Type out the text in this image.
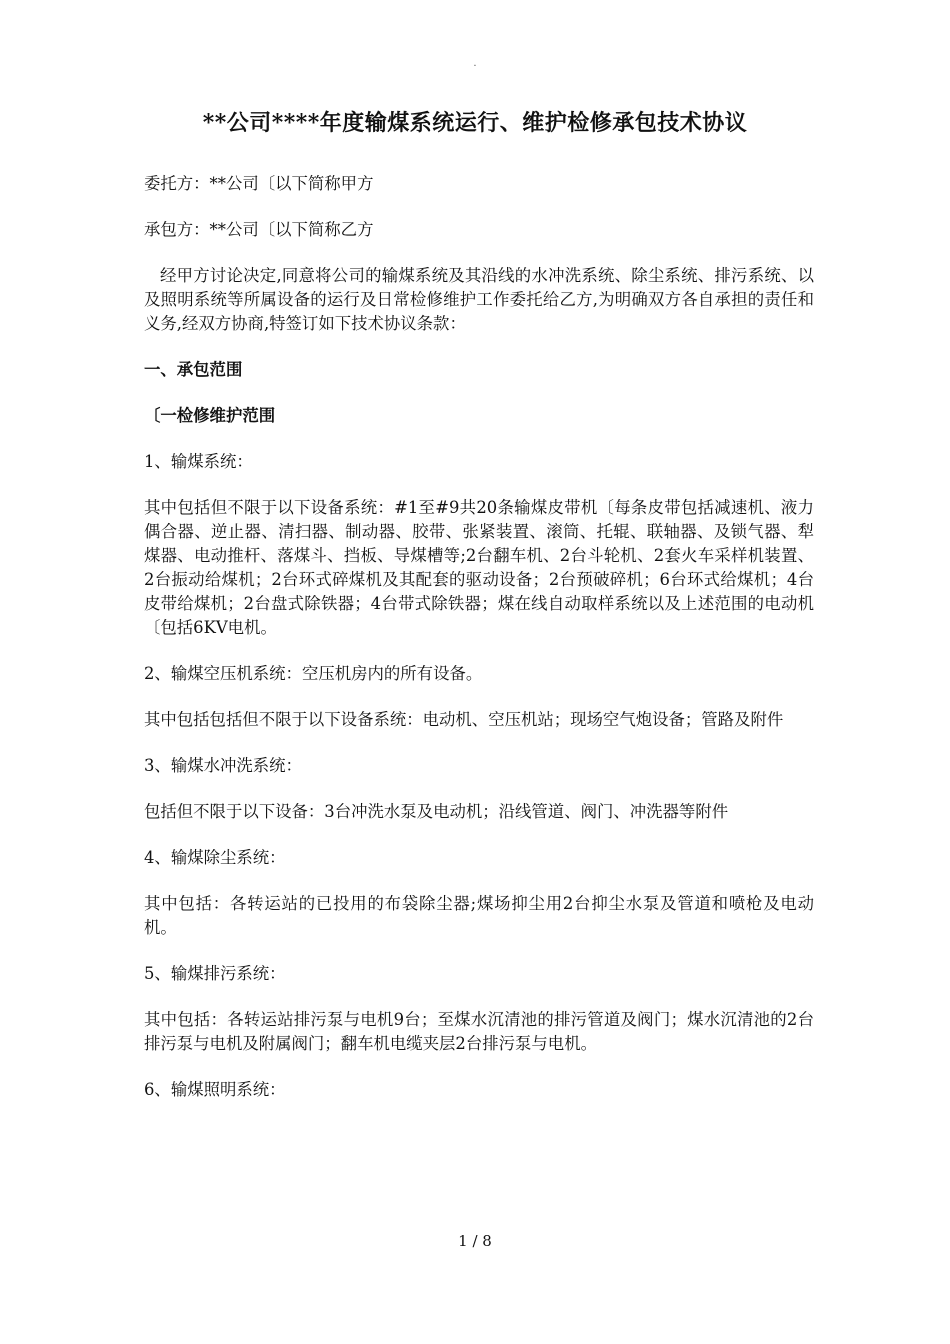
.
**公司****年度输煤系统运行、维护检修承包技术协议

委托方：**公司〔以下简称甲方

承包方：**公司〔以下简称乙方

经甲方讨论决定,同意将公司的输煤系统及其沿线的水冲洗系统、除尘系统、排污系统、以及照明系统等所属设备的运行及日常检修维护工作委托给乙方,为明确双方各自承担的责任和义务,经双方协商,特签订如下技术协议条款：

一、承包范围

〔一检修维护范围

1、输煤系统：

其中包括但不限于以下设备系统：#1至#9共20条输煤皮带机〔每条皮带包括减速机、液力偶合器、逆止器、清扫器、制动器、胶带、张紧装置、滚筒、托辊、联轴器、及锁气器、犁煤器、电动推杆、落煤斗、挡板、导煤槽等;2台翻车机、2台斗轮机、2套火车采样机装置、2台振动给煤机；2台环式碎煤机及其配套的驱动设备；2台预破碎机；6台环式给煤机；4台皮带给煤机；2台盘式除铁器；4台带式除铁器；煤在线自动取样系统以及上述范围的电动机〔包括6KV电机。

2、输煤空压机系统：空压机房内的所有设备。

其中包括包括但不限于以下设备系统：电动机、空压机站；现场空气炮设备；管路及附件

3、输煤水冲洗系统：

包括但不限于以下设备：3台冲洗水泵及电动机；沿线管道、阀门、冲洗器等附件

4、输煤除尘系统：

其中包括：各转运站的已投用的布袋除尘器;煤场抑尘用2台抑尘水泵及管道和喷枪及电动机。

5、输煤排污系统：

其中包括：各转运站排污泵与电机9台；至煤水沉清池的排污管道及阀门；煤水沉清池的2台排污泵与电机及附属阀门；翻车机电缆夹层2台排污泵与电机。

6、输煤照明系统：

1 / 8
